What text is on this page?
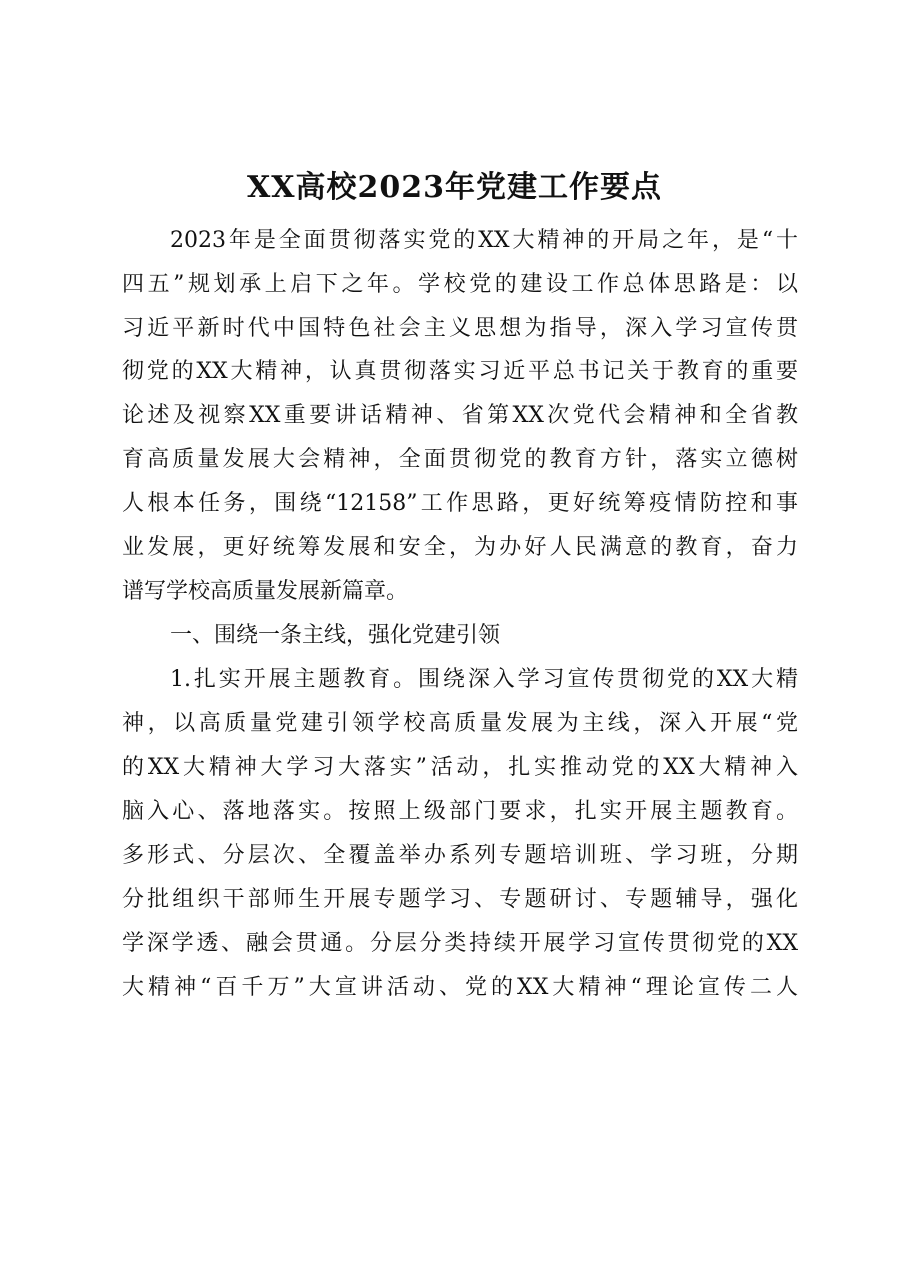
XX高校2023年党建工作要点
2023年是全面贯彻落实党的XX大精神的开局之年，是“十
四五”规划承上启下之年。学校党的建设工作总体思路是：以
习近平新时代中国特色社会主义思想为指导，深入学习宣传贯
彻党的XX大精神，认真贯彻落实习近平总书记关于教育的重要
论述及视察XX重要讲话精神、省第XX次党代会精神和全省教
育高质量发展大会精神，全面贯彻党的教育方针，落实立德树
人根本任务，围绕“12158”工作思路，更好统筹疫情防控和事
业发展，更好统筹发展和安全，为办好人民满意的教育，奋力
谱写学校高质量发展新篇章。
一、围绕一条主线，强化党建引领
1.扎实开展主题教育。围绕深入学习宣传贯彻党的XX大精
神，以高质量党建引领学校高质量发展为主线，深入开展“党
的XX大精神大学习大落实”活动，扎实推动党的XX大精神入
脑入心、落地落实。按照上级部门要求，扎实开展主题教育。
多形式、分层次、全覆盖举办系列专题培训班、学习班，分期
分批组织干部师生开展专题学习、专题研讨、专题辅导，强化
学深学透、融会贯通。分层分类持续开展学习宣传贯彻党的XX
大精神“百千万”大宣讲活动、党的XX大精神“理论宣传二人
